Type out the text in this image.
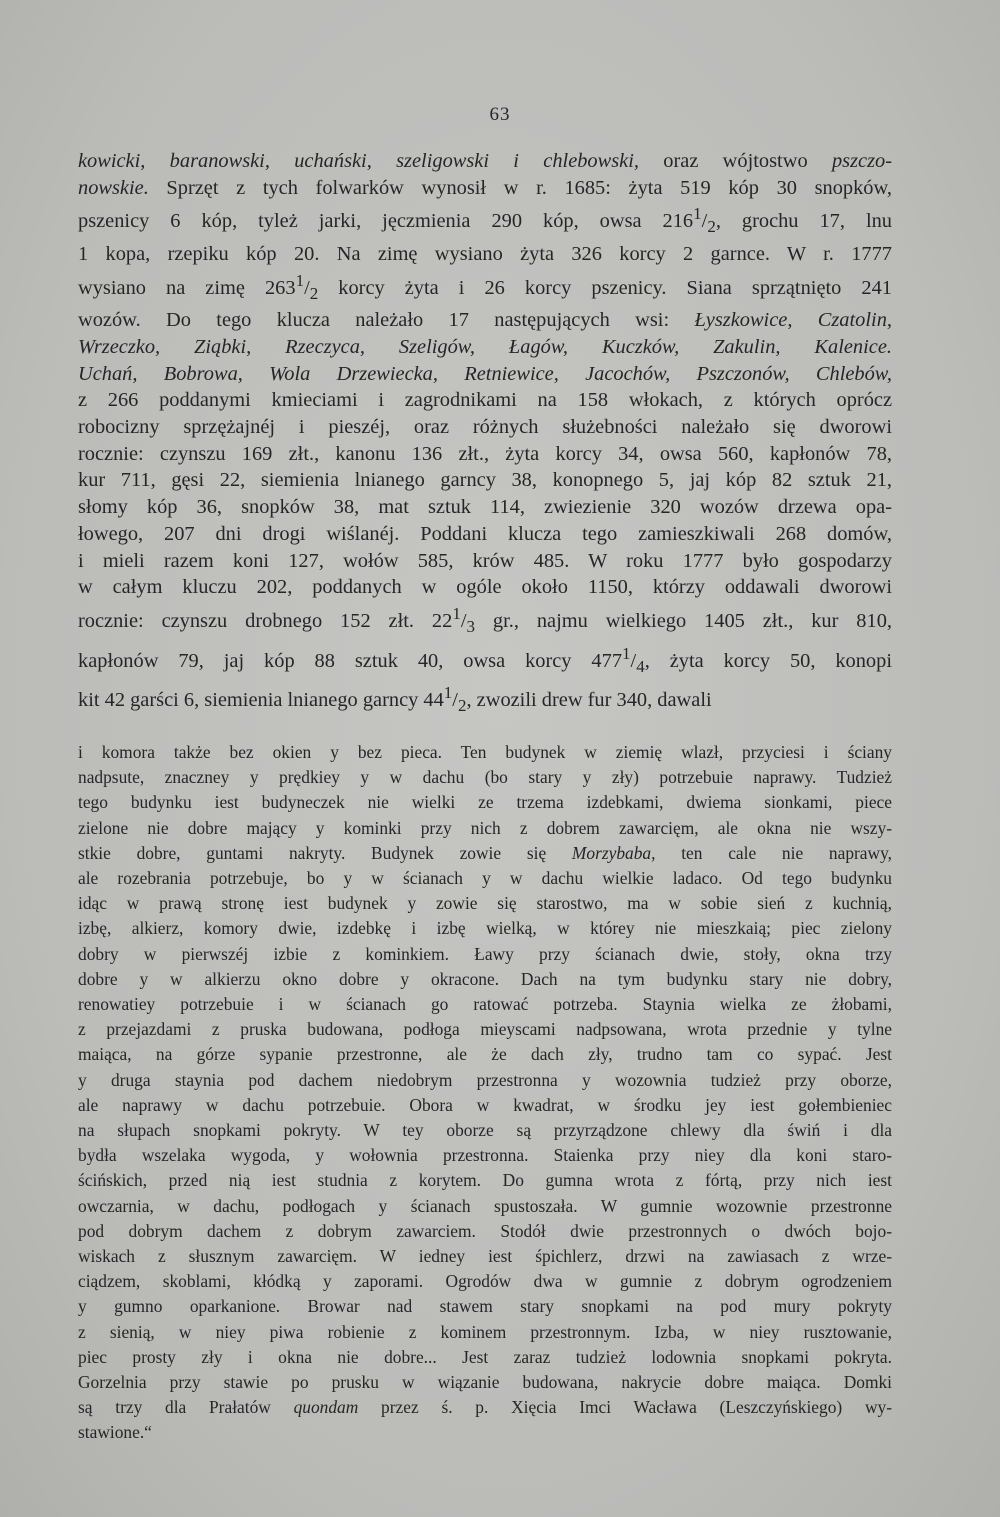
63
kowicki, baranowski, uchański, szeligowski i chlebowski, oraz wójtostwo pszczo-
nowskie. Sprzęt z tych folwarków wynosił w r. 1685: żyta 519 kóp 30 snopków,
pszenicy 6 kóp, tyleż jarki, jęczmienia 290 kóp, owsa $216^1/_2$, grochu 17, lnu
1 kopa, rzepiku kóp 20. Na zimę wysiano żyta 326 korcy 2 garnce. W r. 1777
wysiano na zimę $263^1/_2$ korcy żyta i 26 korcy pszenicy. Siana sprzątnięto 241
wozów. Do tego klucza należało 17 następujących wsi: Łyszkowice, Czatolin,
Wrzeczko, Ziąbki, Rzeczyca, Szeligów, Łagów, Kuczków, Zakulin, Kalenice.
Uchań, Bobrowa, Wola Drzewiecka, Retniewice, Jacochów, Pszczonów, Chlebów,
z 266 poddanymi kmieciami i zagrodnikami na 158 włokach, z których oprócz
robocizny sprzężajnéj i pieszéj, oraz różnych służebności należało się dworowi
rocznie: czynszu 169 złt., kanonu 136 złt., żyta korcy 34, owsa 560, kapłonów 78,
kur 711, gęsi 22, siemienia lnianego garncy 38, konopnego 5, jaj kóp 82 sztuk 21,
słomy kóp 36, snopków 38, mat sztuk 114, zwiezienie 320 wozów drzewa opa-
łowego, 207 dni drogi wiślanéj. Poddani klucza tego zamieszkiwali 268 domów,
i mieli razem koni 127, wołów 585, krów 485. W roku 1777 było gospodarzy
w całym kluczu 202, poddanych w ogóle około 1150, którzy oddawali dworowi
rocznie: czynszu drobnego 152 złt. $22^1/_3$ gr., najmu wielkiego 1405 złt., kur 810,
kapłonów 79, jaj kóp 88 sztuk 40, owsa korcy $477^1/_4$, żyta korcy 50, konopi
kit 42 garści 6, siemienia lnianego garncy $44^1/_2$, zwozili drew fur 340, dawali
i komora także bez okien y bez pieca. Ten budynek w ziemię wlazł, przyciesi i ściany
nadpsute, znaczney y prędkiey y w dachu (bo stary y zły) potrzebuie naprawy. Tudzież
tego budynku iest budyneczek nie wielki ze trzema izdebkami, dwiema sionkami, piece
zielone nie dobre mający y kominki przy nich z dobrem zawarcięm, ale okna nie wszy-
stkie dobre, guntami nakryty. Budynek zowie się Morzybaba, ten cale nie naprawy,
ale rozebrania potrzebuje, bo y w ścianach y w dachu wielkie ladaco. Od tego budynku
idąc w prawą stronę iest budynek y zowie się starostwo, ma w sobie sień z kuchnią,
izbę, alkierz, komory dwie, izdebkę i izbę wielką, w którey nie mieszkaią; piec zielony
dobry w pierwszéj izbie z kominkiem. Ławy przy ścianach dwie, stoły, okna trzy
dobre y w alkierzu okno dobre y okracone. Dach na tym budynku stary nie dobry,
renowatiey potrzebuie i w ścianach go ratować potrzeba. Staynia wielka ze żłobami,
z przejazdami z pruska budowana, podłoga mieyscami nadpsowana, wrota przednie y tylne
maiąca, na górze sypanie przestronne, ale że dach zły, trudno tam co sypać. Jest
y druga staynia pod dachem niedobrym przestronna y wozownia tudzież przy oborze,
ale naprawy w dachu potrzebuie. Obora w kwadrat, w środku jey iest gołembieniec
na słupach snopkami pokryty. W tey oborze są przyrządzone chlewy dla świń i dla
bydła wszelaka wygoda, y wołownia przestronna. Staienka przy niey dla koni staro-
ścińskich, przed nią iest studnia z korytem. Do gumna wrota z fórtą, przy nich iest
owczarnia, w dachu, podłogach y ścianach spustoszała. W gumnie wozownie przestronne
pod dobrym dachem z dobrym zawarciem. Stodół dwie przestronnych o dwóch bojo-
wiskach z słusznym zawarcięm. W iedney iest śpichlerz, drzwi na zawiasach z wrze-
ciądzem, skoblami, kłódką y zaporami. Ogrodów dwa w gumnie z dobrym ogrodzeniem
y gumno oparkanione. Browar nad stawem stary snopkami na pod mury pokryty
z sienią, w niey piwa robienie z kominem przestronnym. Izba, w niey rusztowanie,
piec prosty zły i okna nie dobre... Jest zaraz tudzież lodownia snopkami pokryta.
Gorzelnia przy stawie po prusku w wiązanie budowana, nakrycie dobre maiąca. Domki
są trzy dla Prałatów quondam przez ś. p. Xięcia Imci Wacława (Leszczyńskiego) wy-
stawione.“
